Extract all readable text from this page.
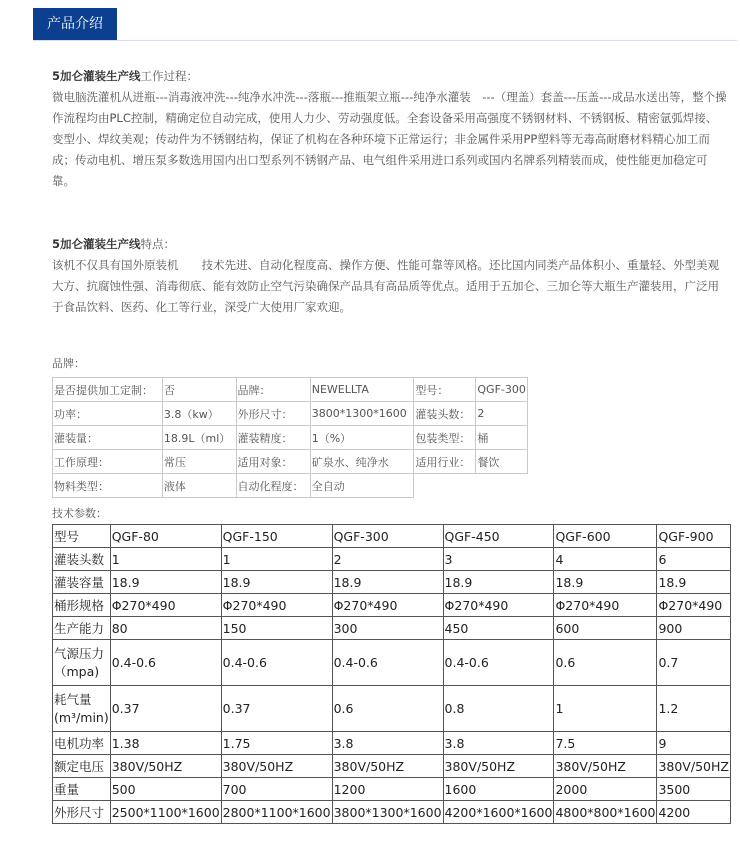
产品介绍
5加仑灌装生产线工作过程：
微电脑洗灌机从进瓶---消毒液冲洗---纯净水冲洗---落瓶---推瓶架立瓶---纯净水灌装　---（理盖）套盖---压盖---成品水送出等，整个操作流程均由PLC控制，精确定位自动完成，使用人力少、劳动强度低。全套设备采用高强度不锈钢材料、不锈钢板、精密氩弧焊接、变型小、焊纹美观；传动件为不锈钢结构，保证了机构在各种环境下正常运行；非金属件采用PP塑料等无毒高耐磨材料精心加工而成；传动电机、增压泵多数选用国内出口型系列不锈钢产品、电气组件采用进口系列或国内名牌系列精装而成，使性能更加稳定可靠。
5加仑灌装生产线特点：
该机不仅具有国外原装机　　技术先进、自动化程度高、操作方便、性能可靠等风格。还比国内同类产品体积小、重量轻、外型美观大方、抗腐蚀性强、消毒彻底、能有效防止空气污染确保产品具有高品质等优点。适用于五加仑、三加仑等大瓶生产灌装用，广泛用于食品饮料、医药、化工等行业，深受广大使用厂家欢迎。
品牌：
是否提供加工定制：	否	品牌：	NEWELLTA	型号：	QGF-300
功率：	3.8（kw）	外形尺寸：	3800*1300*1600	灌装头数：	2
灌装量：	18.9L（ml）	灌装精度：	1（%）	包装类型：	桶
工作原理：	常压	适用对象：	矿泉水、纯净水	适用行业：	餐饮
物料类型：	液体	自动化程度：	全自动		
技术参数：
型号	QGF-80	QGF-150	QGF-300	QGF-450	QGF-600	QGF-900
灌装头数	1	1	2	3	4	6
灌装容量	18.9	18.9	18.9	18.9	18.9	18.9
桶形规格	Φ270*490	Φ270*490	Φ270*490	Φ270*490	Φ270*490	Φ270*490
生产能力	80	150	300	450	600	900
气源压力（mpa)	0.4-0.6	0.4-0.6	0.4-0.6	0.4-0.6	0.6	0.7
耗气量(m³/min)	0.37	0.37	0.6	0.8	1	1.2
电机功率	1.38	1.75	3.8	3.8	7.5	9
额定电压	380V/50HZ	380V/50HZ	380V/50HZ	380V/50HZ	380V/50HZ	380V/50HZ
重量	500	700	1200	1600	2000	3500
外形尺寸	2500*1100*1600	2800*1100*1600	3800*1300*1600	4200*1600*1600	4800*800*1600	4200
